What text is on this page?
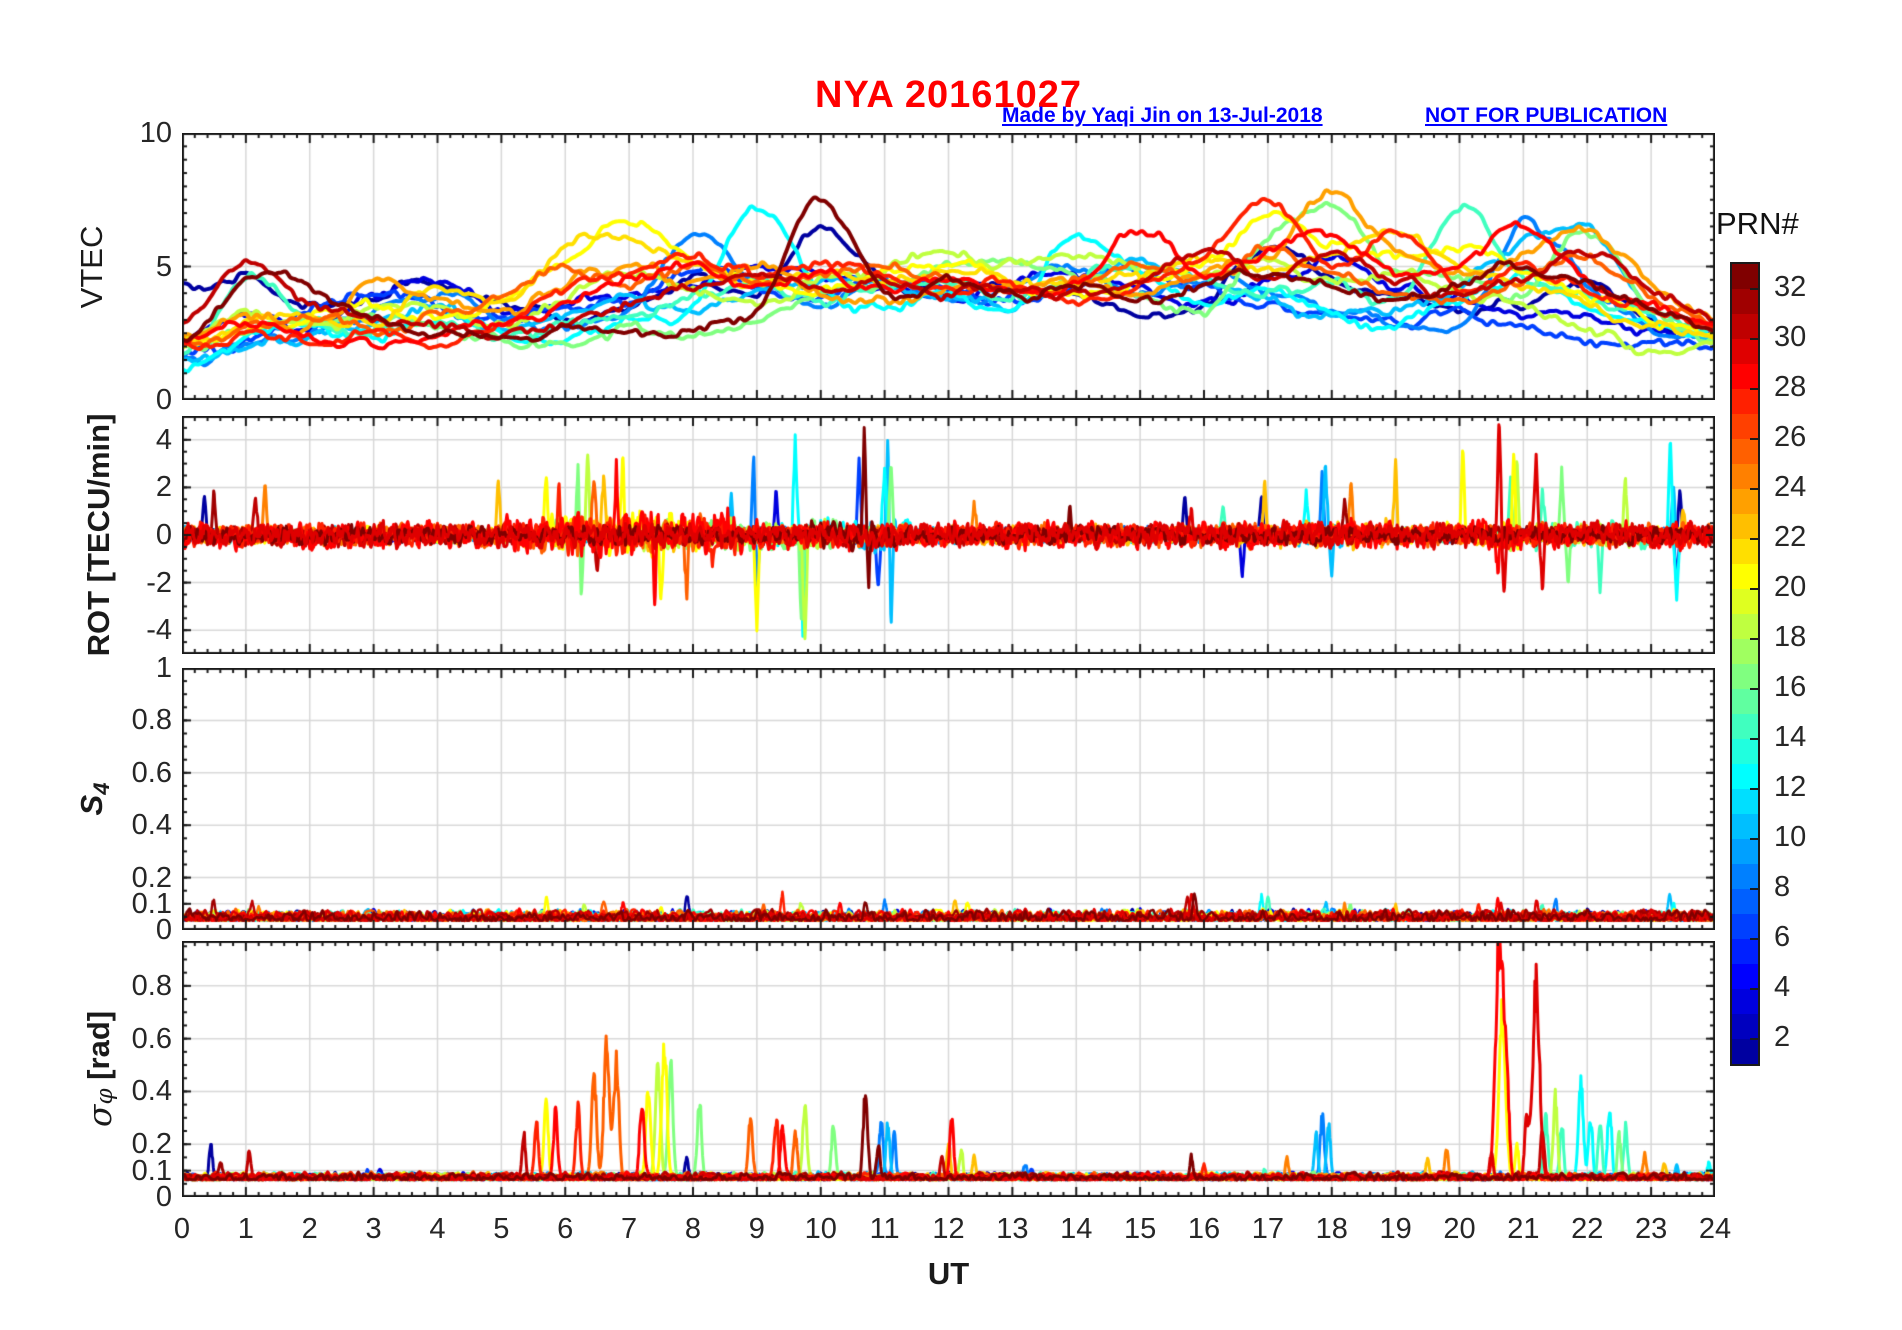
NYA 20161027
Made by Yaqi Jin on 13-Jul-2018	NOT FOR PUBLICATION
VTEC
ROT [TECU/min]
$S_4$
σ
$_\varphi$

[rad]
UT
PRN#
0
5
10
-4
-2
0
2
4
0
0.1
0.2
0.4
0.6
0.8
1
0
0.1
0.2
0.4
0.6
0.8
0	1	2	3	4	5	6	7	8	9	10	11	12	13	14	15	16	17	18	19	20	21	22	23	24
2
4
6
8
10
12
14
16
18
20
22
24
26
28
30
32
